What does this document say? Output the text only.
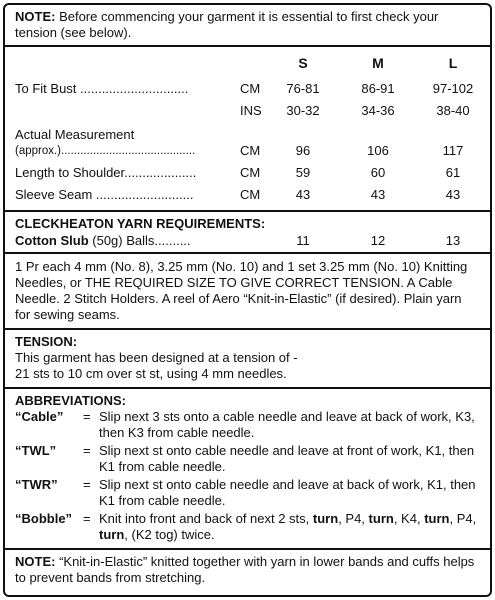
NOTE: Before commencing your garment it is essential to first check your tension (see below).
S	M	L
To Fit Bust ..............................	CM	76-81	86-91	97-102
INS	30-32	34-36	38-40
Actual Measurement
(approx.)..........................................	CM	96	106	117
Length to Shoulder....................	CM	59	60	61
Sleeve Seam ...........................	CM	43	43	43
CLECKHEATON YARN REQUIREMENTS:
Cotton Slub (50g) Balls..........	11	12	13
1 Pr each 4 mm (No. 8), 3.25 mm (No. 10) and 1 set 3.25 mm (No. 10) Knitting Needles, or THE REQUIRED SIZE TO GIVE CORRECT TENSION. A Cable Needle. 2 Stitch Holders. A reel of Aero “Knit-in-Elastic” (if desired). Plain yarn for sewing seams.
TENSION:
This garment has been designed at a tension of -
21 sts to 10 cm over st st, using 4 mm needles.
ABBREVIATIONS:
“Cable”	= Slip next 3 sts onto a cable needle and leave at back of work, K3, then K3 from cable needle.
“TWL”	= Slip next st onto cable needle and leave at front of work, K1, then K1 from cable needle.
“TWR”	= Slip next st onto cable needle and leave at back of work, K1, then K1 from cable needle.
“Bobble” = Knit into front and back of next 2 sts, turn, P4, turn, K4, turn, P4, turn, (K2 tog) twice.
NOTE: “Knit-in-Elastic” knitted together with yarn in lower bands and cuffs helps to prevent bands from stretching.
